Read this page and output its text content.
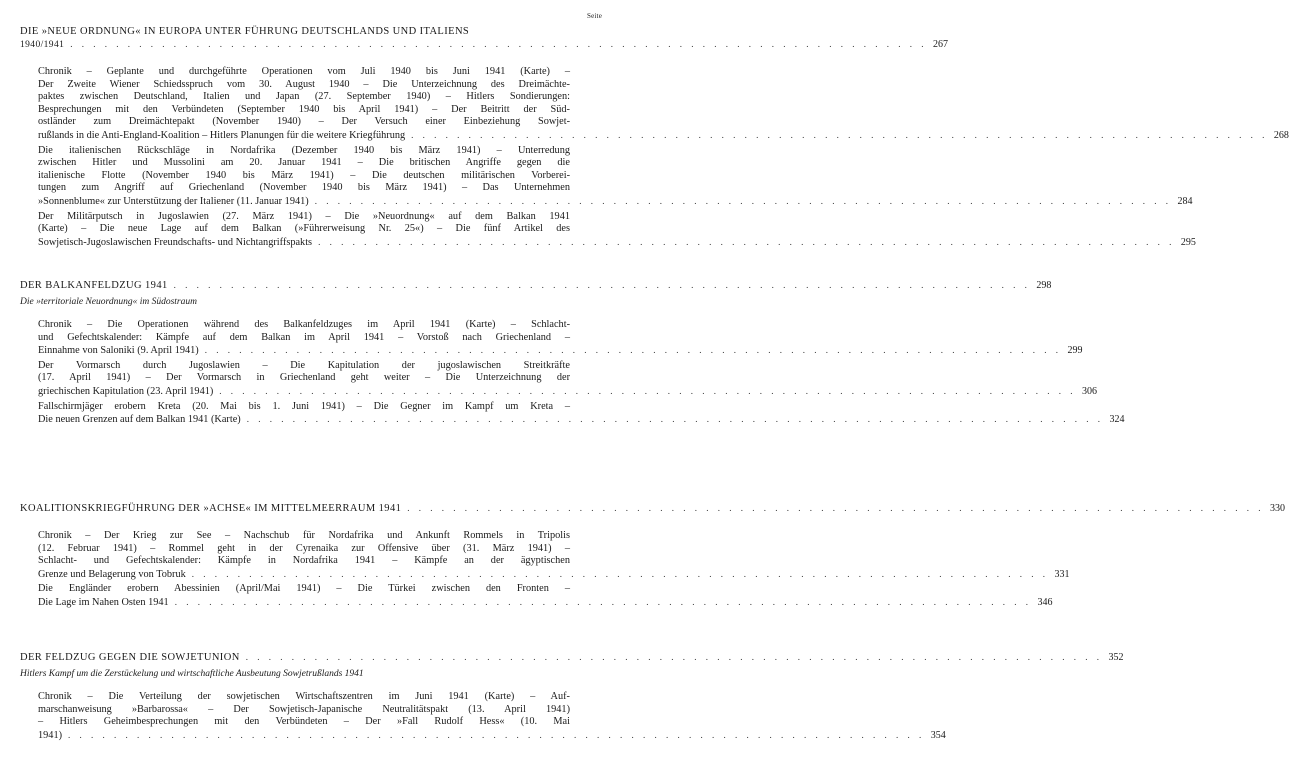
Seite
DIE »NEUE ORDNUNG« IN EUROPA UNTER FÜHRUNG DEUTSCHLANDS UND ITALIENS
1940/1941 . . . . . . . . . . . . . . . . . . . . . . . . . . . . . . . . . . . . . . . . . . . . . . . . . . . . . . . . . . . . . . . . . . . . . . . . . . . 267
Chronik – Geplante und durchgeführte Operationen vom Juli 1940 bis Juni 1941 (Karte) –
Der Zweite Wiener Schiedsspruch vom 30. August 1940 – Die Unterzeichnung des Dreimächte-
paktes zwischen Deutschland, Italien und Japan (27. September 1940) – Hitlers Sondierungen:
Besprechungen mit den Verbündeten (September 1940 bis April 1941) – Der Beitritt der Süd-
ostländer zum Dreimächtepakt (November 1940) – Der Versuch einer Einbeziehung Sowjet-
rußlands in die Anti-England-Koalition – Hitlers Planungen für die weitere Kriegführung . . . . . . . . . . . . . . . . . . . . . . . . . . . . . . . . . . . . . . . . . . . . . . . . . . . . . . . . . . . . . . . . . . . . . . . . . . . 268
Die italienischen Rückschläge in Nordafrika (Dezember 1940 bis März 1941) – Unterredung
zwischen Hitler und Mussolini am 20. Januar 1941 – Die britischen Angriffe gegen die
italienische Flotte (November 1940 bis März 1941) – Die deutschen militärischen Vorberei-
tungen zum Angriff auf Griechenland (November 1940 bis März 1941) – Das Unternehmen
»Sonnenblume« zur Unterstützung der Italiener (11. Januar 1941) . . . . . . . . . . . . . . . . . . . . . . . . . . . . . . . . . . . . . . . . . . . . . . . . . . . . . . . . . . . . . . . . . . . . . . . . . . . 284
Der Militärputsch in Jugoslawien (27. März 1941) – Die »Neuordnung« auf dem Balkan 1941
(Karte) – Die neue Lage auf dem Balkan (»Führerweisung Nr. 25«) – Die fünf Artikel des
Sowjetisch-Jugoslawischen Freundschafts- und Nichtangriffspakts . . . . . . . . . . . . . . . . . . . . . . . . . . . . . . . . . . . . . . . . . . . . . . . . . . . . . . . . . . . . . . . . . . . . . . . . . . . 295
DER BALKANFELDZUG 1941 . . . . . . . . . . . . . . . . . . . . . . . . . . . . . . . . . . . . . . . . . . . . . . . . . . . . . . . . . . . . . . . . . . . . . . . . . . . 298
Die »territoriale Neuordnung« im Südostraum
Chronik – Die Operationen während des Balkanfeldzuges im April 1941 (Karte) – Schlacht-
und Gefechtskalender: Kämpfe auf dem Balkan im April 1941 – Vorstoß nach Griechenland –
Einnahme von Saloniki (9. April 1941) . . . . . . . . . . . . . . . . . . . . . . . . . . . . . . . . . . . . . . . . . . . . . . . . . . . . . . . . . . . . . . . . . . . . . . . . . . . 299
Der Vormarsch durch Jugoslawien – Die Kapitulation der jugoslawischen Streitkräfte
(17. April 1941) – Der Vormarsch in Griechenland geht weiter – Die Unterzeichnung der
griechischen Kapitulation (23. April 1941) . . . . . . . . . . . . . . . . . . . . . . . . . . . . . . . . . . . . . . . . . . . . . . . . . . . . . . . . . . . . . . . . . . . . . . . . . . . 306
Fallschirmjäger erobern Kreta (20. Mai bis 1. Juni 1941) – Die Gegner im Kampf um Kreta –
Die neuen Grenzen auf dem Balkan 1941 (Karte) . . . . . . . . . . . . . . . . . . . . . . . . . . . . . . . . . . . . . . . . . . . . . . . . . . . . . . . . . . . . . . . . . . . . . . . . . . . 324
KOALITIONSKRIEGFÜHRUNG DER »ACHSE« IM MITTELMEERRAUM 1941 . . . . . . . . . . . . . . . . . . . . . . . . . . . . . . . . . . . . . . . . . . . . . . . . . . . . . . . . . . . . . . . . . . . . . . . . . . . 330
Chronik – Der Krieg zur See – Nachschub für Nordafrika und Ankunft Rommels in Tripolis
(12. Februar 1941) – Rommel geht in der Cyrenaika zur Offensive über (31. März 1941) –
Schlacht- und Gefechtskalender: Kämpfe in Nordafrika 1941 – Kämpfe an der ägyptischen
Grenze und Belagerung von Tobruk . . . . . . . . . . . . . . . . . . . . . . . . . . . . . . . . . . . . . . . . . . . . . . . . . . . . . . . . . . . . . . . . . . . . . . . . . . . 331
Die Engländer erobern Abessinien (April/Mai 1941) – Die Türkei zwischen den Fronten –
Die Lage im Nahen Osten 1941 . . . . . . . . . . . . . . . . . . . . . . . . . . . . . . . . . . . . . . . . . . . . . . . . . . . . . . . . . . . . . . . . . . . . . . . . . . . 346
DER FELDZUG GEGEN DIE SOWJETUNION . . . . . . . . . . . . . . . . . . . . . . . . . . . . . . . . . . . . . . . . . . . . . . . . . . . . . . . . . . . . . . . . . . . . . . . . . . . 352
Hitlers Kampf um die Zerstückelung und wirtschaftliche Ausbeutung Sowjetrußlands 1941
Chronik – Die Verteilung der sowjetischen Wirtschaftszentren im Juni 1941 (Karte) – Auf-
marschanweisung »Barbarossa« – Der Sowjetisch-Japanische Neutralitätspakt (13. April 1941)
– Hitlers Geheimbesprechungen mit den Verbündeten – Der »Fall Rudolf Hess« (10. Mai
1941) . . . . . . . . . . . . . . . . . . . . . . . . . . . . . . . . . . . . . . . . . . . . . . . . . . . . . . . . . . . . . . . . . . . . . . . . . . . 354
